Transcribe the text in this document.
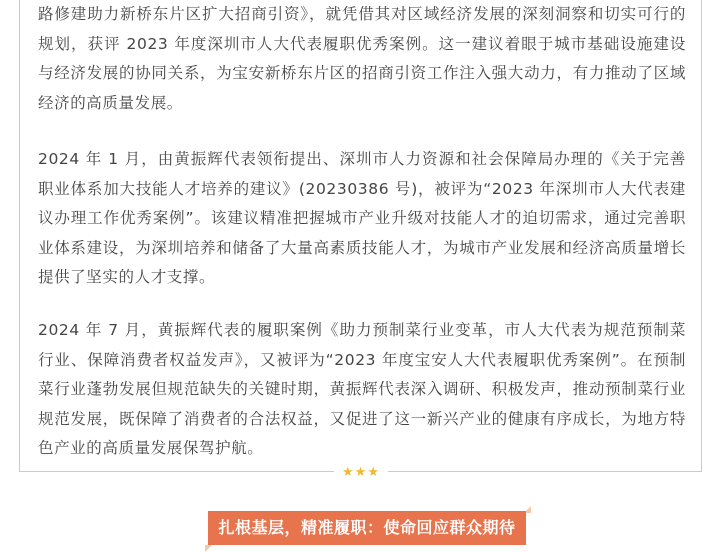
路修建助力新桥东片区扩大招商引资》，就凭借其对区域经济发展的深刻洞察和切实可行的规划，获评 2023 年度深圳市人大代表履职优秀案例。这一建议着眼于城市基础设施建设与经济发展的协同关系，为宝安新桥东片区的招商引资工作注入强大动力，有力推动了区域经济的高质量发展。

2024 年 1 月，由黄振辉代表领衔提出、深圳市人力资源和社会保障局办理的《关于完善职业体系加大技能人才培养的建议》(20230386 号)，被评为“2023 年深圳市人大代表建议办理工作优秀案例”。该建议精准把握城市产业升级对技能人才的迫切需求，通过完善职业体系建设，为深圳培养和储备了大量高素质技能人才，为城市产业发展和经济高质量增长提供了坚实的人才支撑。

2024 年 7 月，黄振辉代表的履职案例《助力预制菜行业变革，市人大代表为规范预制菜行业、保障消费者权益发声》，又被评为“2023 年度宝安人大代表履职优秀案例”。在预制菜行业蓬勃发展但规范缺失的关键时期，黄振辉代表深入调研、积极发声，推动预制菜行业规范发展，既保障了消费者的合法权益，又促进了这一新兴产业的健康有序成长，为地方特色产业的高质量发展保驾护航。

★★★
扎根基层，精准履职：使命回应群众期待
